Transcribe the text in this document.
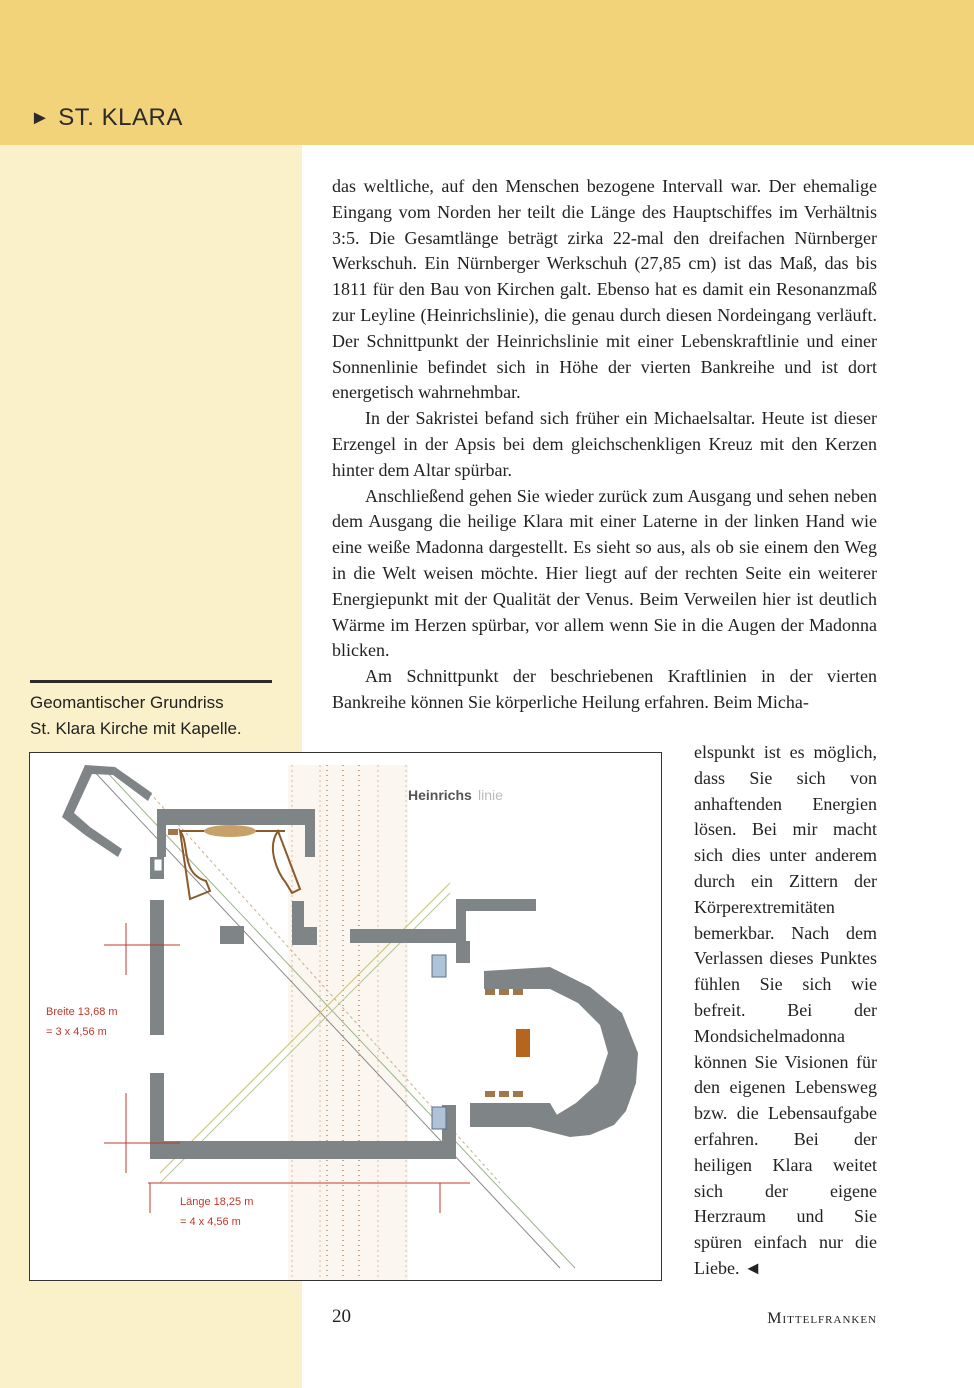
► ST. KLARA
Geomantischer Grundriss
St. Klara Kirche mit Kapelle.

das weltliche, auf den Menschen bezogene Intervall war. Der ehemalige Eingang vom Norden her teilt die Länge des Hauptschiffes im Verhältnis 3:5. Die Gesamtlänge beträgt zirka 22-mal den dreifachen Nürnberger Werkschuh. Ein Nürnberger Werkschuh (27,85 cm) ist das Maß, das bis 1811 für den Bau von Kirchen galt. Ebenso hat es damit ein Resonanzmaß zur Leyline (Heinrichslinie), die genau durch diesen Nordeingang verläuft. Der Schnittpunkt der Heinrichslinie mit einer Lebenskraftlinie und einer Sonnenlinie befindet sich in Höhe der vierten Bankreihe und ist dort energetisch wahrnehmbar.

In der Sakristei befand sich früher ein Michaelsaltar. Heute ist dieser Erzengel in der Apsis bei dem gleichschenkligen Kreuz mit den Kerzen hinter dem Altar spürbar.

Anschließend gehen Sie wieder zurück zum Ausgang und sehen neben dem Ausgang die heilige Klara mit einer Laterne in der linken Hand wie eine weiße Madonna dargestellt. Es sieht so aus, als ob sie einem den Weg in die Welt weisen möchte. Hier liegt auf der rechten Seite ein weiterer Energiepunkt mit der Qualität der Venus. Beim Verweilen hier ist deutlich Wärme im Herzen spürbar, vor allem wenn Sie in die Augen der Madonna blicken.

Am Schnittpunkt der beschriebenen Kraftlinien in der vierten Bankreihe können Sie körperliche Heilung erfahren. Beim Micha-

elspunkt ist es möglich, dass Sie sich von anhaftenden Energien lösen. Bei mir macht sich dies unter anderem durch ein Zittern der Körperextremitäten bemerkbar. Nach dem Verlassen dieses Punktes fühlen Sie sich wie befreit. Bei der Mondsichelmadonna können Sie Visionen für den eigenen Lebensweg bzw. die Lebensaufgabe erfahren. Bei der heiligen Klara weitet sich der eigene Herzraum und Sie spüren einfach nur die Liebe. ◄

Heinrichs linie
Breite 13,68 m
= 3 x 4,56 m
Länge 18,25 m
= 4 x 4,56 m
20	Mittelfranken
